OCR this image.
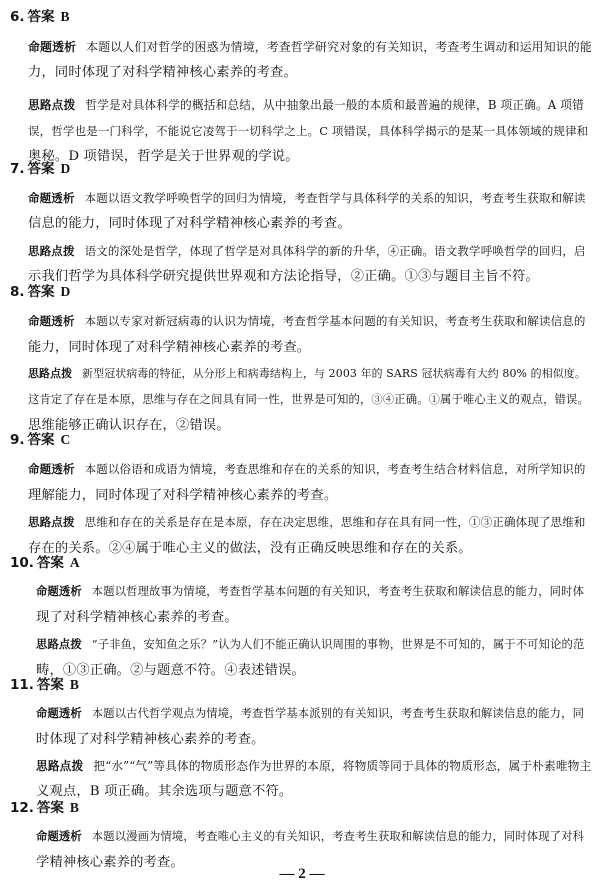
6. 答案 B
命题透析 本题以人们对哲学的困惑为情境，考查哲学研究对象的有关知识，考查考生调动和运用知识的能
力，同时体现了对科学精神核心素养的考查。
思路点拨 哲学是对具体科学的概括和总结，从中抽象出最一般的本质和最普遍的规律，B 项正确。A 项错
误，哲学也是一门科学，不能说它凌驾于一切科学之上。C 项错误，具体科学揭示的是某一具体领域的规律和
奥秘。D 项错误，哲学是关于世界观的学说。
7. 答案 D
命题透析 本题以语文教学呼唤哲学的回归为情境，考查哲学与具体科学的关系的知识，考查考生获取和解读
信息的能力，同时体现了对科学精神核心素养的考查。
思路点拨 语文的深处是哲学，体现了哲学是对具体科学的新的升华，④正确。语文教学呼唤哲学的回归，启
示我们哲学为具体科学研究提供世界观和方法论指导，②正确。①③与题目主旨不符。
8. 答案 D
命题透析 本题以专家对新冠病毒的认识为情境，考查哲学基本问题的有关知识，考查考生获取和解读信息的
能力，同时体现了对科学精神核心素养的考查。
思路点拨 新型冠状病毒的特征，从分形上和病毒结构上，与 2003 年的 SARS 冠状病毒有大约 80% 的相似度。
这肯定了存在是本原，思维与存在之间具有同一性，世界是可知的，③④正确。①属于唯心主义的观点，错误。
思维能够正确认识存在，②错误。
9. 答案 C
命题透析 本题以俗语和成语为情境，考查思维和存在的关系的知识，考查考生结合材料信息，对所学知识的
理解能力，同时体现了对科学精神核心素养的考查。
思路点拨 思维和存在的关系是存在是本原，存在决定思维，思维和存在具有同一性，①③正确体现了思维和
存在的关系。②④属于唯心主义的做法，没有正确反映思维和存在的关系。
10. 答案 A
命题透析 本题以哲理故事为情境，考查哲学基本问题的有关知识，考查考生获取和解读信息的能力，同时体
现了对科学精神核心素养的考查。
思路点拨 “子非鱼，安知鱼之乐？”认为人们不能正确认识周围的事物，世界是不可知的，属于不可知论的范
畴，①③正确。②与题意不符。④表述错误。
11. 答案 B
命题透析 本题以古代哲学观点为情境，考查哲学基本派别的有关知识，考查考生获取和解读信息的能力，同
时体现了对科学精神核心素养的考查。
思路点拨 把“水”“气”等具体的物质形态作为世界的本原，将物质等同于具体的物质形态，属于朴素唯物主
义观点，B 项正确。其余选项与题意不符。
12. 答案 B
命题透析 本题以漫画为情境，考查唯心主义的有关知识，考查考生获取和解读信息的能力，同时体现了对科
学精神核心素养的考查。
— 2 —
